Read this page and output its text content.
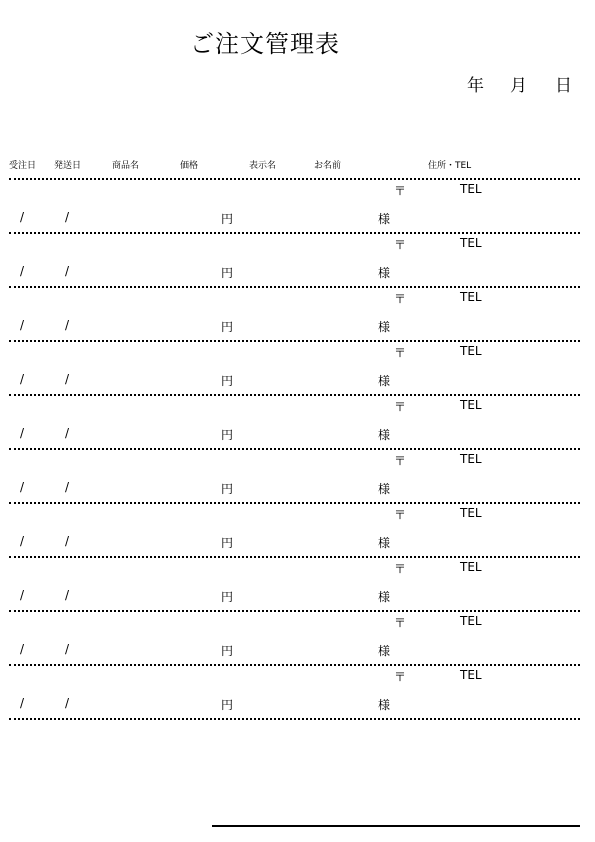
ご注文管理表
年 月 日
受注日 発送日	商品名	価格	表示名	お名前	住所・TEL
〒	TEL
/	/	円	様
〒	TEL
/	/	円	様
〒	TEL
/	/	円	様
〒	TEL
/	/	円	様
〒	TEL
/	/	円	様
〒	TEL
/	/	円	様
〒	TEL
/	/	円	様
〒	TEL
/	/	円	様
〒	TEL
/	/	円	様
〒	TEL
/	/	円	様
